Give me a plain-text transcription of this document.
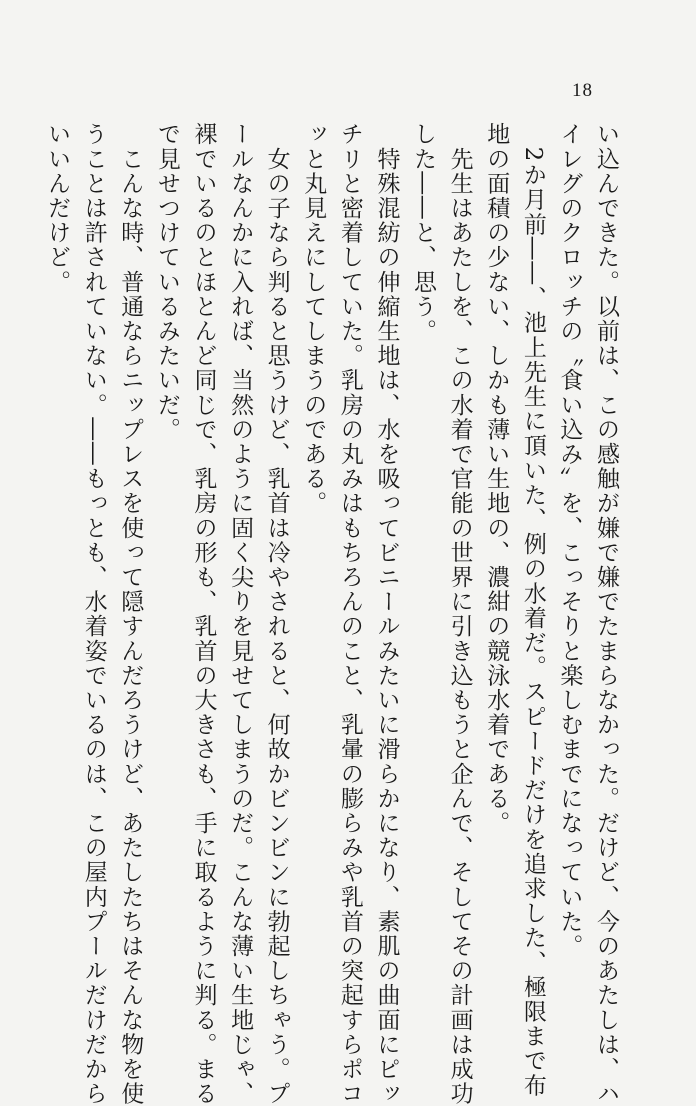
18

い込んできた。以前は、この感触が嫌で嫌でたまらなかった。だけど、今のあたしは、ハ

イレグのクロッチの〝食い込み〟を、こっそりと楽しむまでになっていた。

　2か月前――、池上先生に頂いた、例の水着だ。スピードだけを追求した、極限まで布

地の面積の少ない、しかも薄い生地の、濃紺の競泳水着である。

　先生はあたしを、この水着で官能の世界に引き込もうと企んで、そしてその計画は成功

した――と、思う。

　特殊混紡の伸縮生地は、水を吸ってビニールみたいに滑らかになり、素肌の曲面にピッ

チリと密着していた。乳房の丸みはもちろんのこと、乳暈の膨らみや乳首の突起すらポコ

ッと丸見えにしてしまうのである。

　女の子なら判ると思うけど、乳首は冷やされると、何故かビンビンに勃起しちゃう。プ

ールなんかに入れば、当然のように固く尖りを見せてしまうのだ。こんな薄い生地じゃ、

裸でいるのとほとんど同じで、乳房の形も、乳首の大きさも、手に取るように判る。まる

で見せつけているみたいだ。

　こんな時、普通ならニップレスを使って隠すんだろうけど、あたしたちはそんな物を使

うことは許されていない。――もっとも、水着姿でいるのは、この屋内プールだけだから

いいんだけど。
